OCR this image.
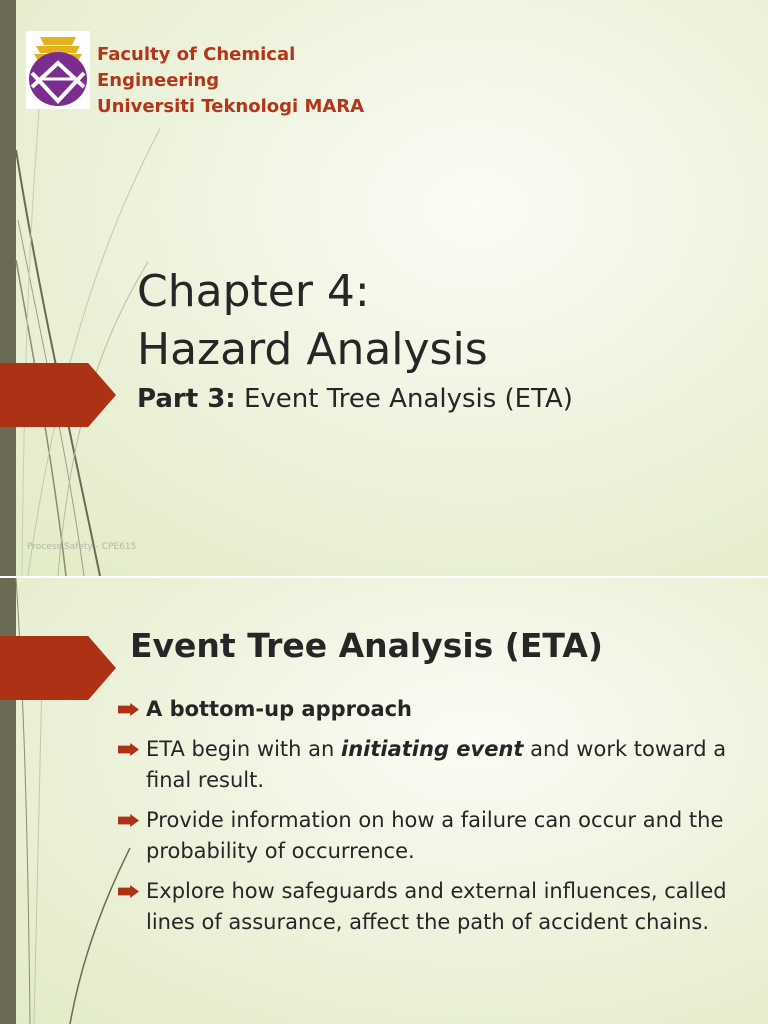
Faculty of Chemical
Engineering
Universiti Teknologi MARA
Chapter 4:
Hazard Analysis
Part 3: Event Tree Analysis (ETA)
Process Safety - CPE615
Event Tree Analysis (ETA)
A bottom-up approach
ETA begin with an initiating event and work toward a final result.
Provide information on how a failure can occur and the probability of occurrence.
Explore how safeguards and external influences, called lines of assurance, affect the path of accident chains.
